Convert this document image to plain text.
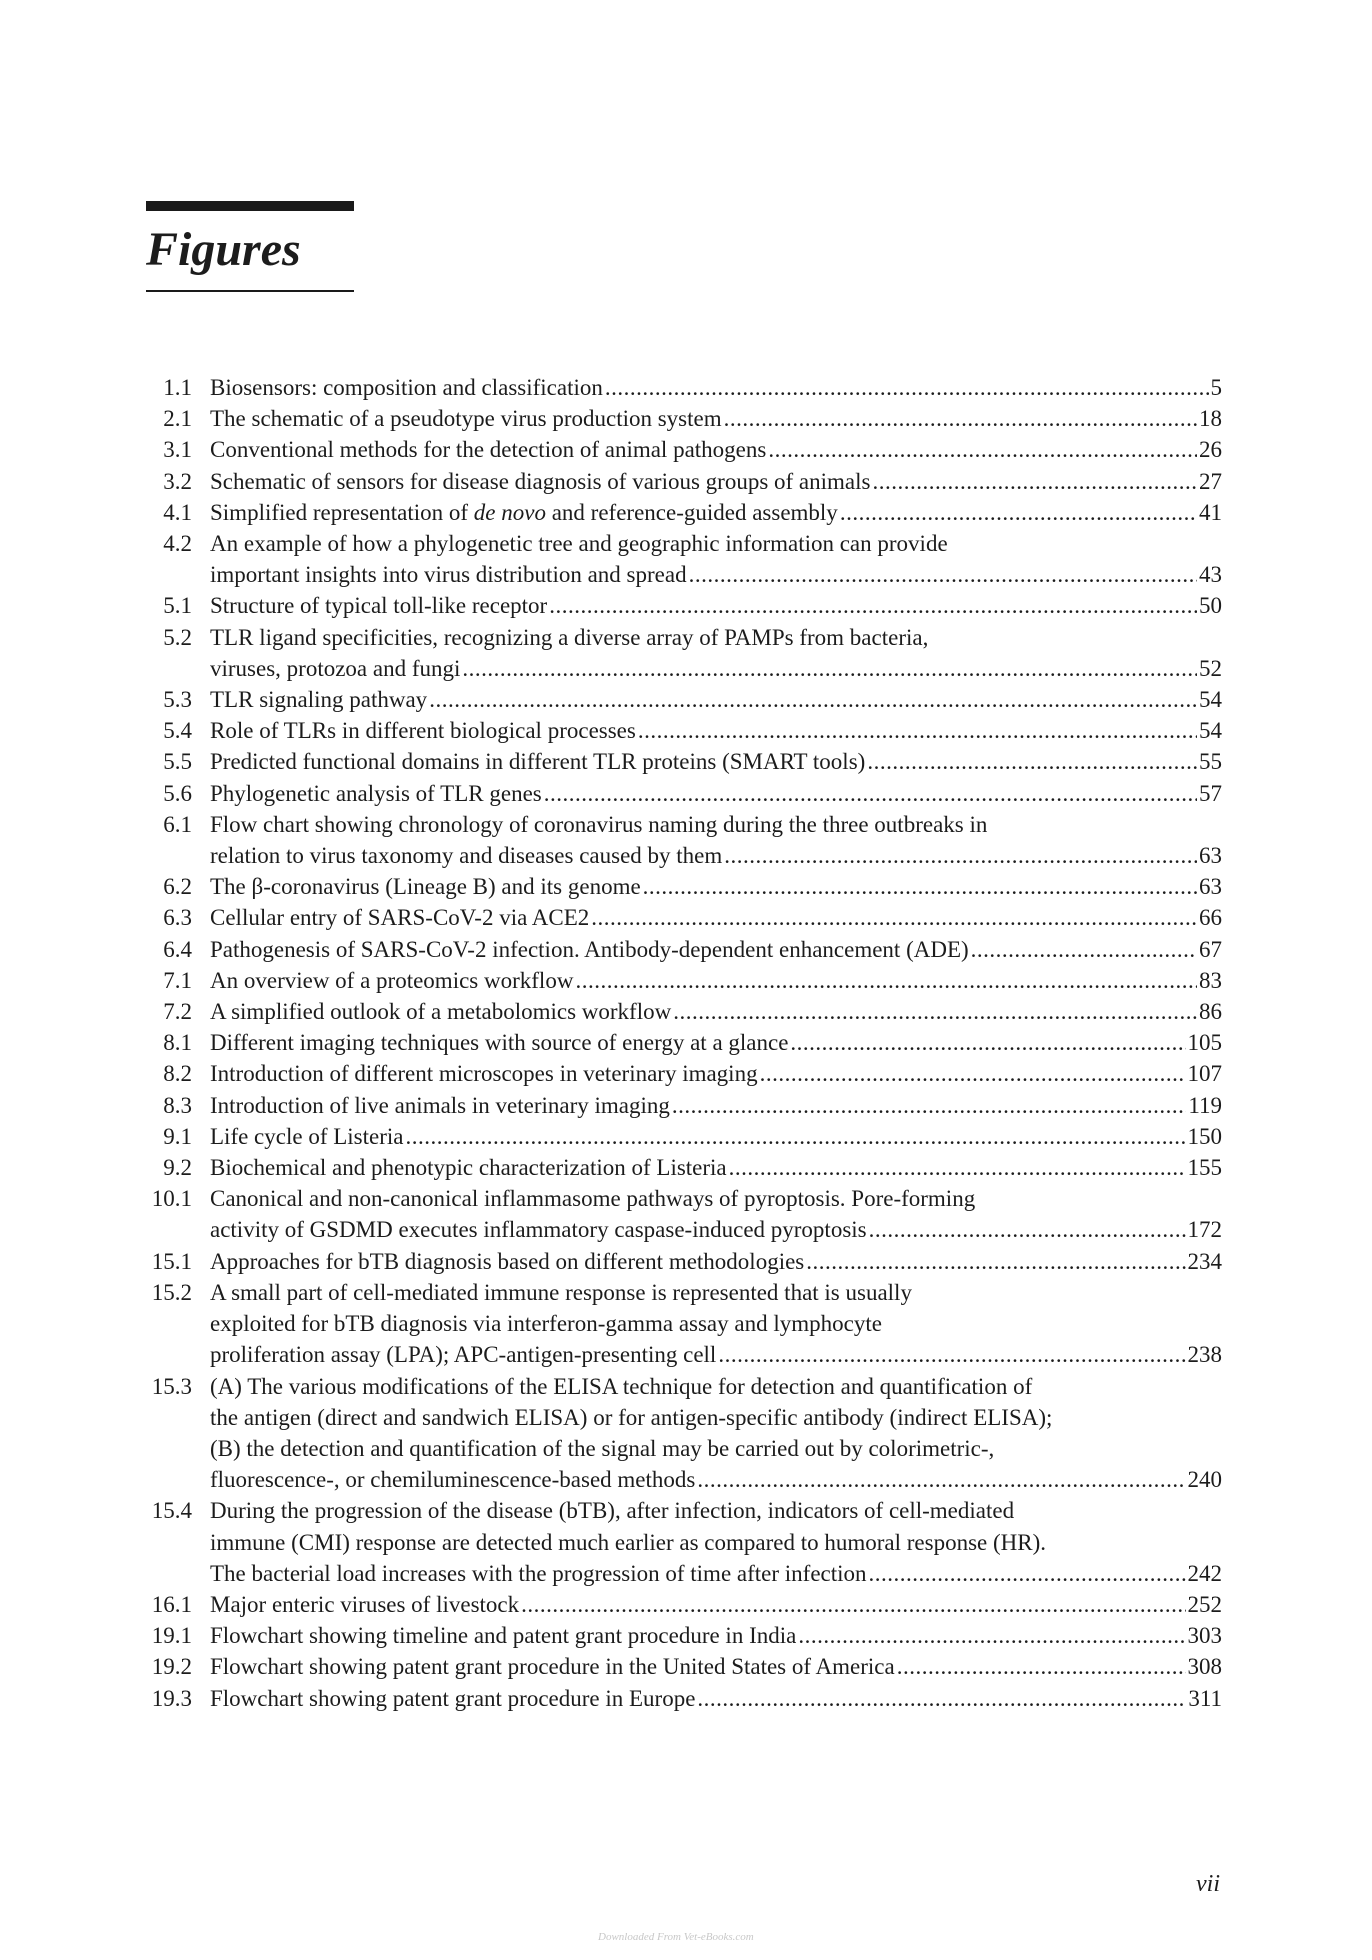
Figures
1.1 Biosensors: composition and classification .....	5
2.1 The schematic of a pseudotype virus production system .....	18
3.1 Conventional methods for the detection of animal pathogens .....	26
3.2 Schematic of sensors for disease diagnosis of various groups of animals .....	27
4.1 Simplified representation of de novo and reference-guided assembly .....	41
4.2 An example of how a phylogenetic tree and geographic information can provide
important insights into virus distribution and spread .....	43
5.1 Structure of typical toll-like receptor .....	50
5.2 TLR ligand specificities, recognizing a diverse array of PAMPs from bacteria,
viruses, protozoa and fungi .....	52
5.3 TLR signaling pathway .....	54
5.4 Role of TLRs in different biological processes .....	54
5.5 Predicted functional domains in different TLR proteins (SMART tools) .....	55
5.6 Phylogenetic analysis of TLR genes .....	57
6.1 Flow chart showing chronology of coronavirus naming during the three outbreaks in
relation to virus taxonomy and diseases caused by them .....	63
6.2 The β-coronavirus (Lineage B) and its genome .....	63
6.3 Cellular entry of SARS-CoV-2 via ACE2 .....	66
6.4 Pathogenesis of SARS-CoV-2 infection. Antibody-dependent enhancement (ADE) .....	67
7.1 An overview of a proteomics workflow .....	83
7.2 A simplified outlook of a metabolomics workflow .....	86
8.1 Different imaging techniques with source of energy at a glance .....	105
8.2 Introduction of different microscopes in veterinary imaging .....	107
8.3 Introduction of live animals in veterinary imaging .....	119
9.1 Life cycle of Listeria .....	150
9.2 Biochemical and phenotypic characterization of Listeria .....	155
10.1 Canonical and non-canonical inflammasome pathways of pyroptosis. Pore-forming
activity of GSDMD executes inflammatory caspase-induced pyroptosis .....	172
15.1 Approaches for bTB diagnosis based on different methodologies .....	234
15.2 A small part of cell-mediated immune response is represented that is usually
exploited for bTB diagnosis via interferon-gamma assay and lymphocyte
proliferation assay (LPA); APC-antigen-presenting cell .....	238
15.3 (A) The various modifications of the ELISA technique for detection and quantification of
the antigen (direct and sandwich ELISA) or for antigen-specific antibody (indirect ELISA);
(B) the detection and quantification of the signal may be carried out by colorimetric-,
fluorescence-, or chemiluminescence-based methods .....	240
15.4 During the progression of the disease (bTB), after infection, indicators of cell-mediated
immune (CMI) response are detected much earlier as compared to humoral response (HR).
The bacterial load increases with the progression of time after infection .....	242
16.1 Major enteric viruses of livestock .....	252
19.1 Flowchart showing timeline and patent grant procedure in India .....	303
19.2 Flowchart showing patent grant procedure in the United States of America .....	308
19.3 Flowchart showing patent grant procedure in Europe .....	311
vii
Downloaded From Vet-eBooks.com
